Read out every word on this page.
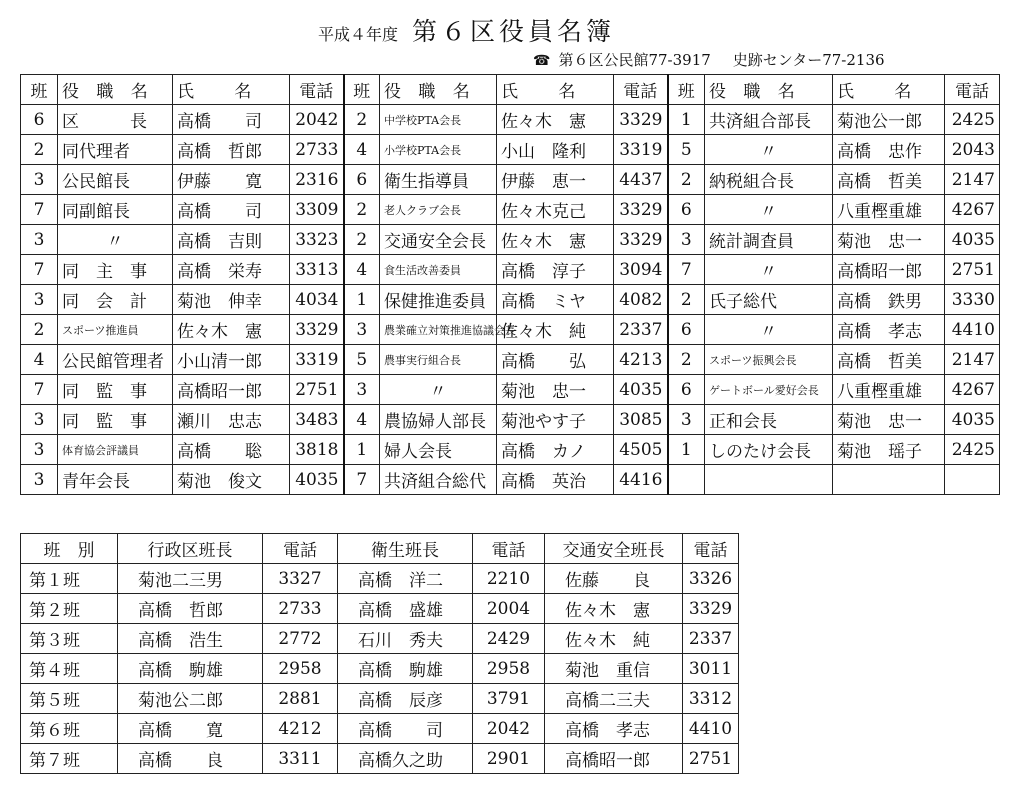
平成４年度 第６区役員名簿
☎ 第６区公民館77-3917 史跡センター77-2136
班	役 職 名	氏　 名	電話	班	役 職 名	氏　 名	電話	班	役 職 名	氏　 名	電話
6	区　　　長	高橋　　司	2042	2	中学校PTA会長	佐々木　憲	3329	1	共済組合部長	菊池公一郎	2425
2	同代理者	高橋　哲郎	2733	4	小学校PTA会長	小山　隆利	3319	5	〃	高橋　忠作	2043
3	公民館長	伊藤　　寛	2316	6	衛生指導員	伊藤　恵一	4437	2	納税組合長	高橋　哲美	2147
7	同副館長	高橋　　司	3309	2	老人クラブ会長	佐々木克己	3329	6	〃	八重樫重雄	4267
3	〃	高橋　吉則	3323	2	交通安全会長	佐々木　憲	3329	3	統計調査員	菊池　忠一	4035
7	同　主　事	高橋　栄寿	3313	4	食生活改善委員	高橋　淳子	3094	7	〃	高橋昭一郎	2751
3	同　会　計	菊池　伸幸	4034	1	保健推進委員	高橋　ミヤ	4082	2	氏子総代	高橋　鉄男	3330
2	スポーツ推進員	佐々木　憲	3329	3	農業確立対策推進協議会長	佐々木　純	2337	6	〃	高橋　孝志	4410
4	公民館管理者	小山清一郎	3319	5	農事実行組合長	高橋　　弘	4213	2	スポーツ振興会長	高橋　哲美	2147
7	同　監　事	高橋昭一郎	2751	3	〃	菊池　忠一	4035	6	ゲートボール愛好会長	八重樫重雄	4267
3	同　監　事	瀬川　忠志	3483	4	農協婦人部長	菊池やす子	3085	3	正和会長	菊池　忠一	4035
3	体育協会評議員	高橋　　聡	3818	1	婦人会長	高橋　カノ	4505	1	しのたけ会長	菊池　瑶子	2425
3	青年会長	菊池　俊文	4035	7	共済組合総代	高橋　英治	4416				
班　別	行政区班長	電話	衛生班長	電話	交通安全班長	電話
第１班	菊池二三男	3327	高橋　洋二	2210	佐藤　　良	3326
第２班	高橋　哲郎	2733	高橋　盛雄	2004	佐々木　憲	3329
第３班	高橋　浩生	2772	石川　秀夫	2429	佐々木　純	2337
第４班	高橋　駒雄	2958	高橋　駒雄	2958	菊池　重信	3011
第５班	菊池公二郎	2881	高橋　辰彦	3791	高橋二三夫	3312
第６班	高橋　　寛	4212	高橋　　司	2042	高橋　孝志	4410
第７班	高橋　　良	3311	高橋久之助	2901	高橋昭一郎	2751
